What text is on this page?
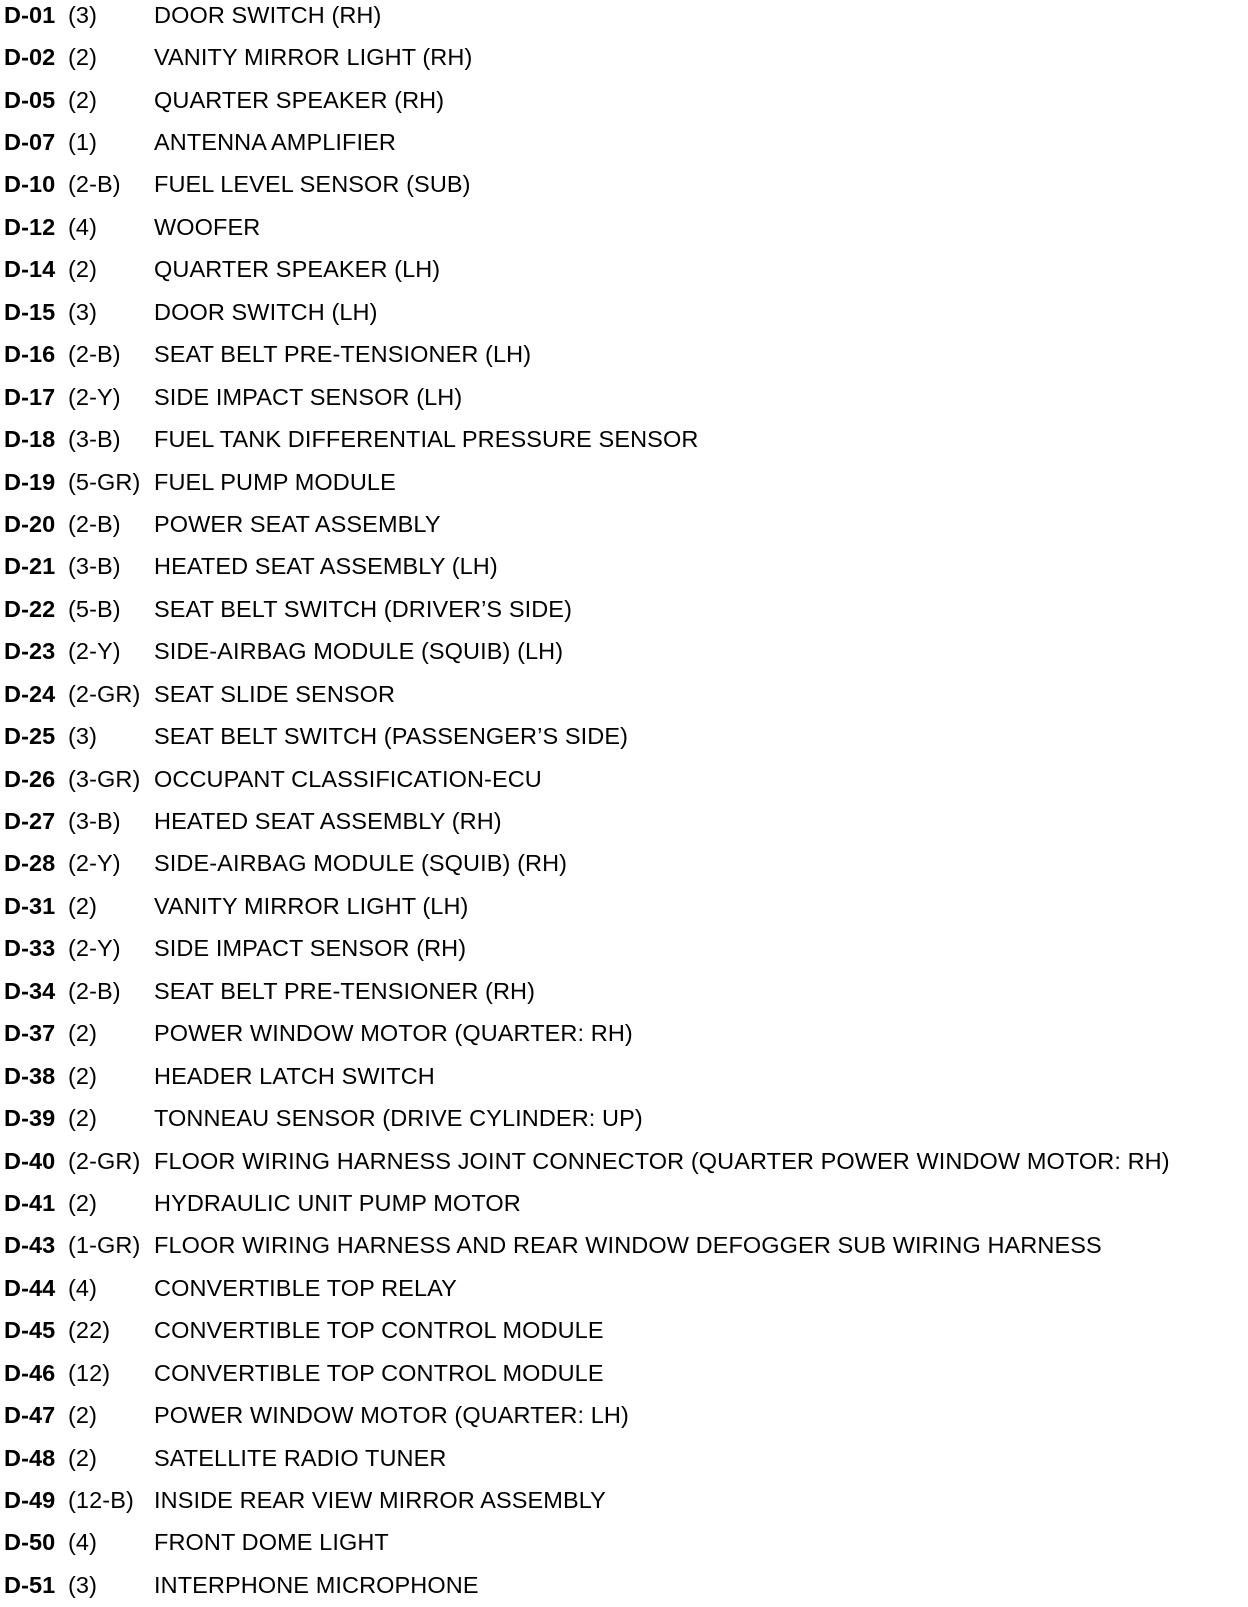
D-01 (3)	DOOR SWITCH (RH)
D-02 (2)	VANITY MIRROR LIGHT (RH)
D-05 (2)	QUARTER SPEAKER (RH)
D-07 (1)	ANTENNA AMPLIFIER
D-10 (2-B)	FUEL LEVEL SENSOR (SUB)
D-12 (4)	WOOFER
D-14 (2)	QUARTER SPEAKER (LH)
D-15 (3)	DOOR SWITCH (LH)
D-16 (2-B)	SEAT BELT PRE-TENSIONER (LH)
D-17 (2-Y)	SIDE IMPACT SENSOR (LH)
D-18 (3-B)	FUEL TANK DIFFERENTIAL PRESSURE SENSOR
D-19 (5-GR) FUEL PUMP MODULE
D-20 (2-B)	POWER SEAT ASSEMBLY
D-21 (3-B)	HEATED SEAT ASSEMBLY (LH)
D-22 (5-B)	SEAT BELT SWITCH (DRIVER’S SIDE)
D-23 (2-Y)	SIDE-AIRBAG MODULE (SQUIB) (LH)
D-24 (2-GR) SEAT SLIDE SENSOR
D-25 (3)	SEAT BELT SWITCH (PASSENGER’S SIDE)
D-26 (3-GR) OCCUPANT CLASSIFICATION-ECU
D-27 (3-B)	HEATED SEAT ASSEMBLY (RH)
D-28 (2-Y)	SIDE-AIRBAG MODULE (SQUIB) (RH)
D-31 (2)	VANITY MIRROR LIGHT (LH)
D-33 (2-Y)	SIDE IMPACT SENSOR (RH)
D-34 (2-B)	SEAT BELT PRE-TENSIONER (RH)
D-37 (2)	POWER WINDOW MOTOR (QUARTER: RH)
D-38 (2)	HEADER LATCH SWITCH
D-39 (2)	TONNEAU SENSOR (DRIVE CYLINDER: UP)
D-40 (2-GR) FLOOR WIRING HARNESS JOINT CONNECTOR (QUARTER POWER WINDOW MOTOR: RH)
D-41 (2)	HYDRAULIC UNIT PUMP MOTOR
D-43 (1-GR) FLOOR WIRING HARNESS AND REAR WINDOW DEFOGGER SUB WIRING HARNESS
D-44 (4)	CONVERTIBLE TOP RELAY
D-45 (22)	CONVERTIBLE TOP CONTROL MODULE
D-46 (12)	CONVERTIBLE TOP CONTROL MODULE
D-47 (2)	POWER WINDOW MOTOR (QUARTER: LH)
D-48 (2)	SATELLITE RADIO TUNER
D-49 (12-B) INSIDE REAR VIEW MIRROR ASSEMBLY
D-50 (4)	FRONT DOME LIGHT
D-51 (3)	INTERPHONE MICROPHONE
